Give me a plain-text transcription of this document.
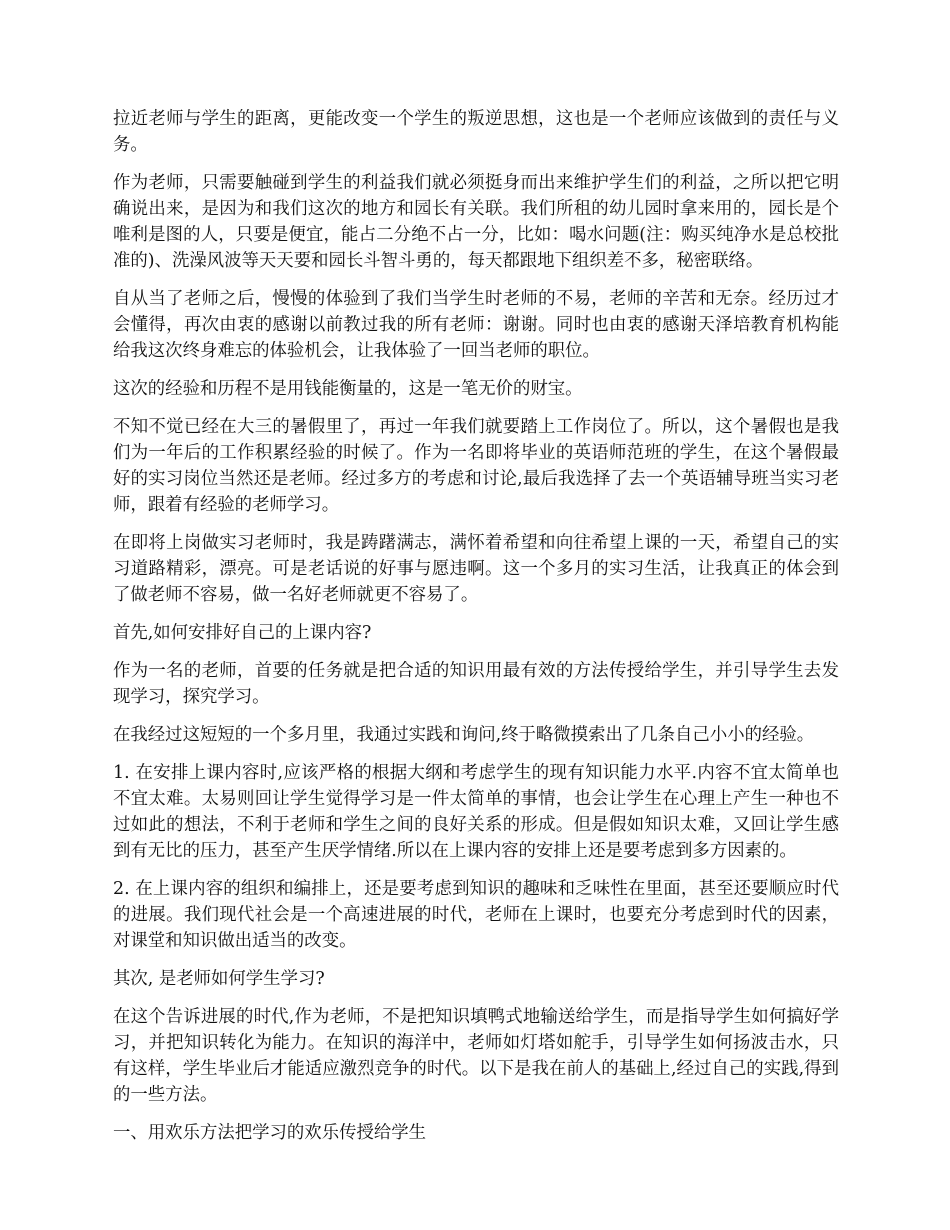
拉近老师与学生的距离，更能改变一个学生的叛逆思想，这也是一个老师应该做到的责任与义务。

作为老师，只需要触碰到学生的利益我们就必须挺身而出来维护学生们的利益，之所以把它明确说出来，是因为和我们这次的地方和园长有关联。我们所租的幼儿园时拿来用的，园长是个唯利是图的人，只要是便宜，能占二分绝不占一分，比如：喝水问题(注：购买纯净水是总校批准的)、洗澡风波等天天要和园长斗智斗勇的，每天都跟地下组织差不多，秘密联络。

自从当了老师之后，慢慢的体验到了我们当学生时老师的不易，老师的辛苦和无奈。经历过才会懂得，再次由衷的感谢以前教过我的所有老师：谢谢。同时也由衷的感谢天泽培教育机构能给我这次终身难忘的体验机会，让我体验了一回当老师的职位。

这次的经验和历程不是用钱能衡量的，这是一笔无价的财宝。

不知不觉已经在大三的暑假里了，再过一年我们就要踏上工作岗位了。所以，这个暑假也是我们为一年后的工作积累经验的时候了。作为一名即将毕业的英语师范班的学生，在这个暑假最好的实习岗位当然还是老师。经过多方的考虑和讨论,最后我选择了去一个英语辅导班当实习老师，跟着有经验的老师学习。

在即将上岗做实习老师时，我是踌躇满志，满怀着希望和向往希望上课的一天，希望自己的实习道路精彩，漂亮。可是老话说的好事与愿违啊。这一个多月的实习生活，让我真正的体会到了做老师不容易，做一名好老师就更不容易了。

首先,如何安排好自己的上课内容?

作为一名的老师，首要的任务就是把合适的知识用最有效的方法传授给学生，并引导学生去发现学习，探究学习。

在我经过这短短的一个多月里，我通过实践和询问,终于略微摸索出了几条自己小小的经验。

1. 在安排上课内容时,应该严格的根据大纲和考虑学生的现有知识能力水平.内容不宜太简单也不宜太难。太易则回让学生觉得学习是一件太简单的事情，也会让学生在心理上产生一种也不过如此的想法，不利于老师和学生之间的良好关系的形成。但是假如知识太难，又回让学生感到有无比的压力，甚至产生厌学情绪.所以在上课内容的安排上还是要考虑到多方因素的。

2. 在上课内容的组织和编排上，还是要考虑到知识的趣味和乏味性在里面，甚至还要顺应时代的进展。我们现代社会是一个高速进展的时代，老师在上课时，也要充分考虑到时代的因素，对课堂和知识做出适当的改变。

其次, 是老师如何学生学习?

在这个告诉进展的时代,作为老师，不是把知识填鸭式地输送给学生，而是指导学生如何搞好学习，并把知识转化为能力。在知识的海洋中，老师如灯塔如舵手，引导学生如何扬波击水，只有这样，学生毕业后才能适应激烈竞争的时代。以下是我在前人的基础上,经过自己的实践,得到的一些方法。

一、用欢乐方法把学习的欢乐传授给学生
